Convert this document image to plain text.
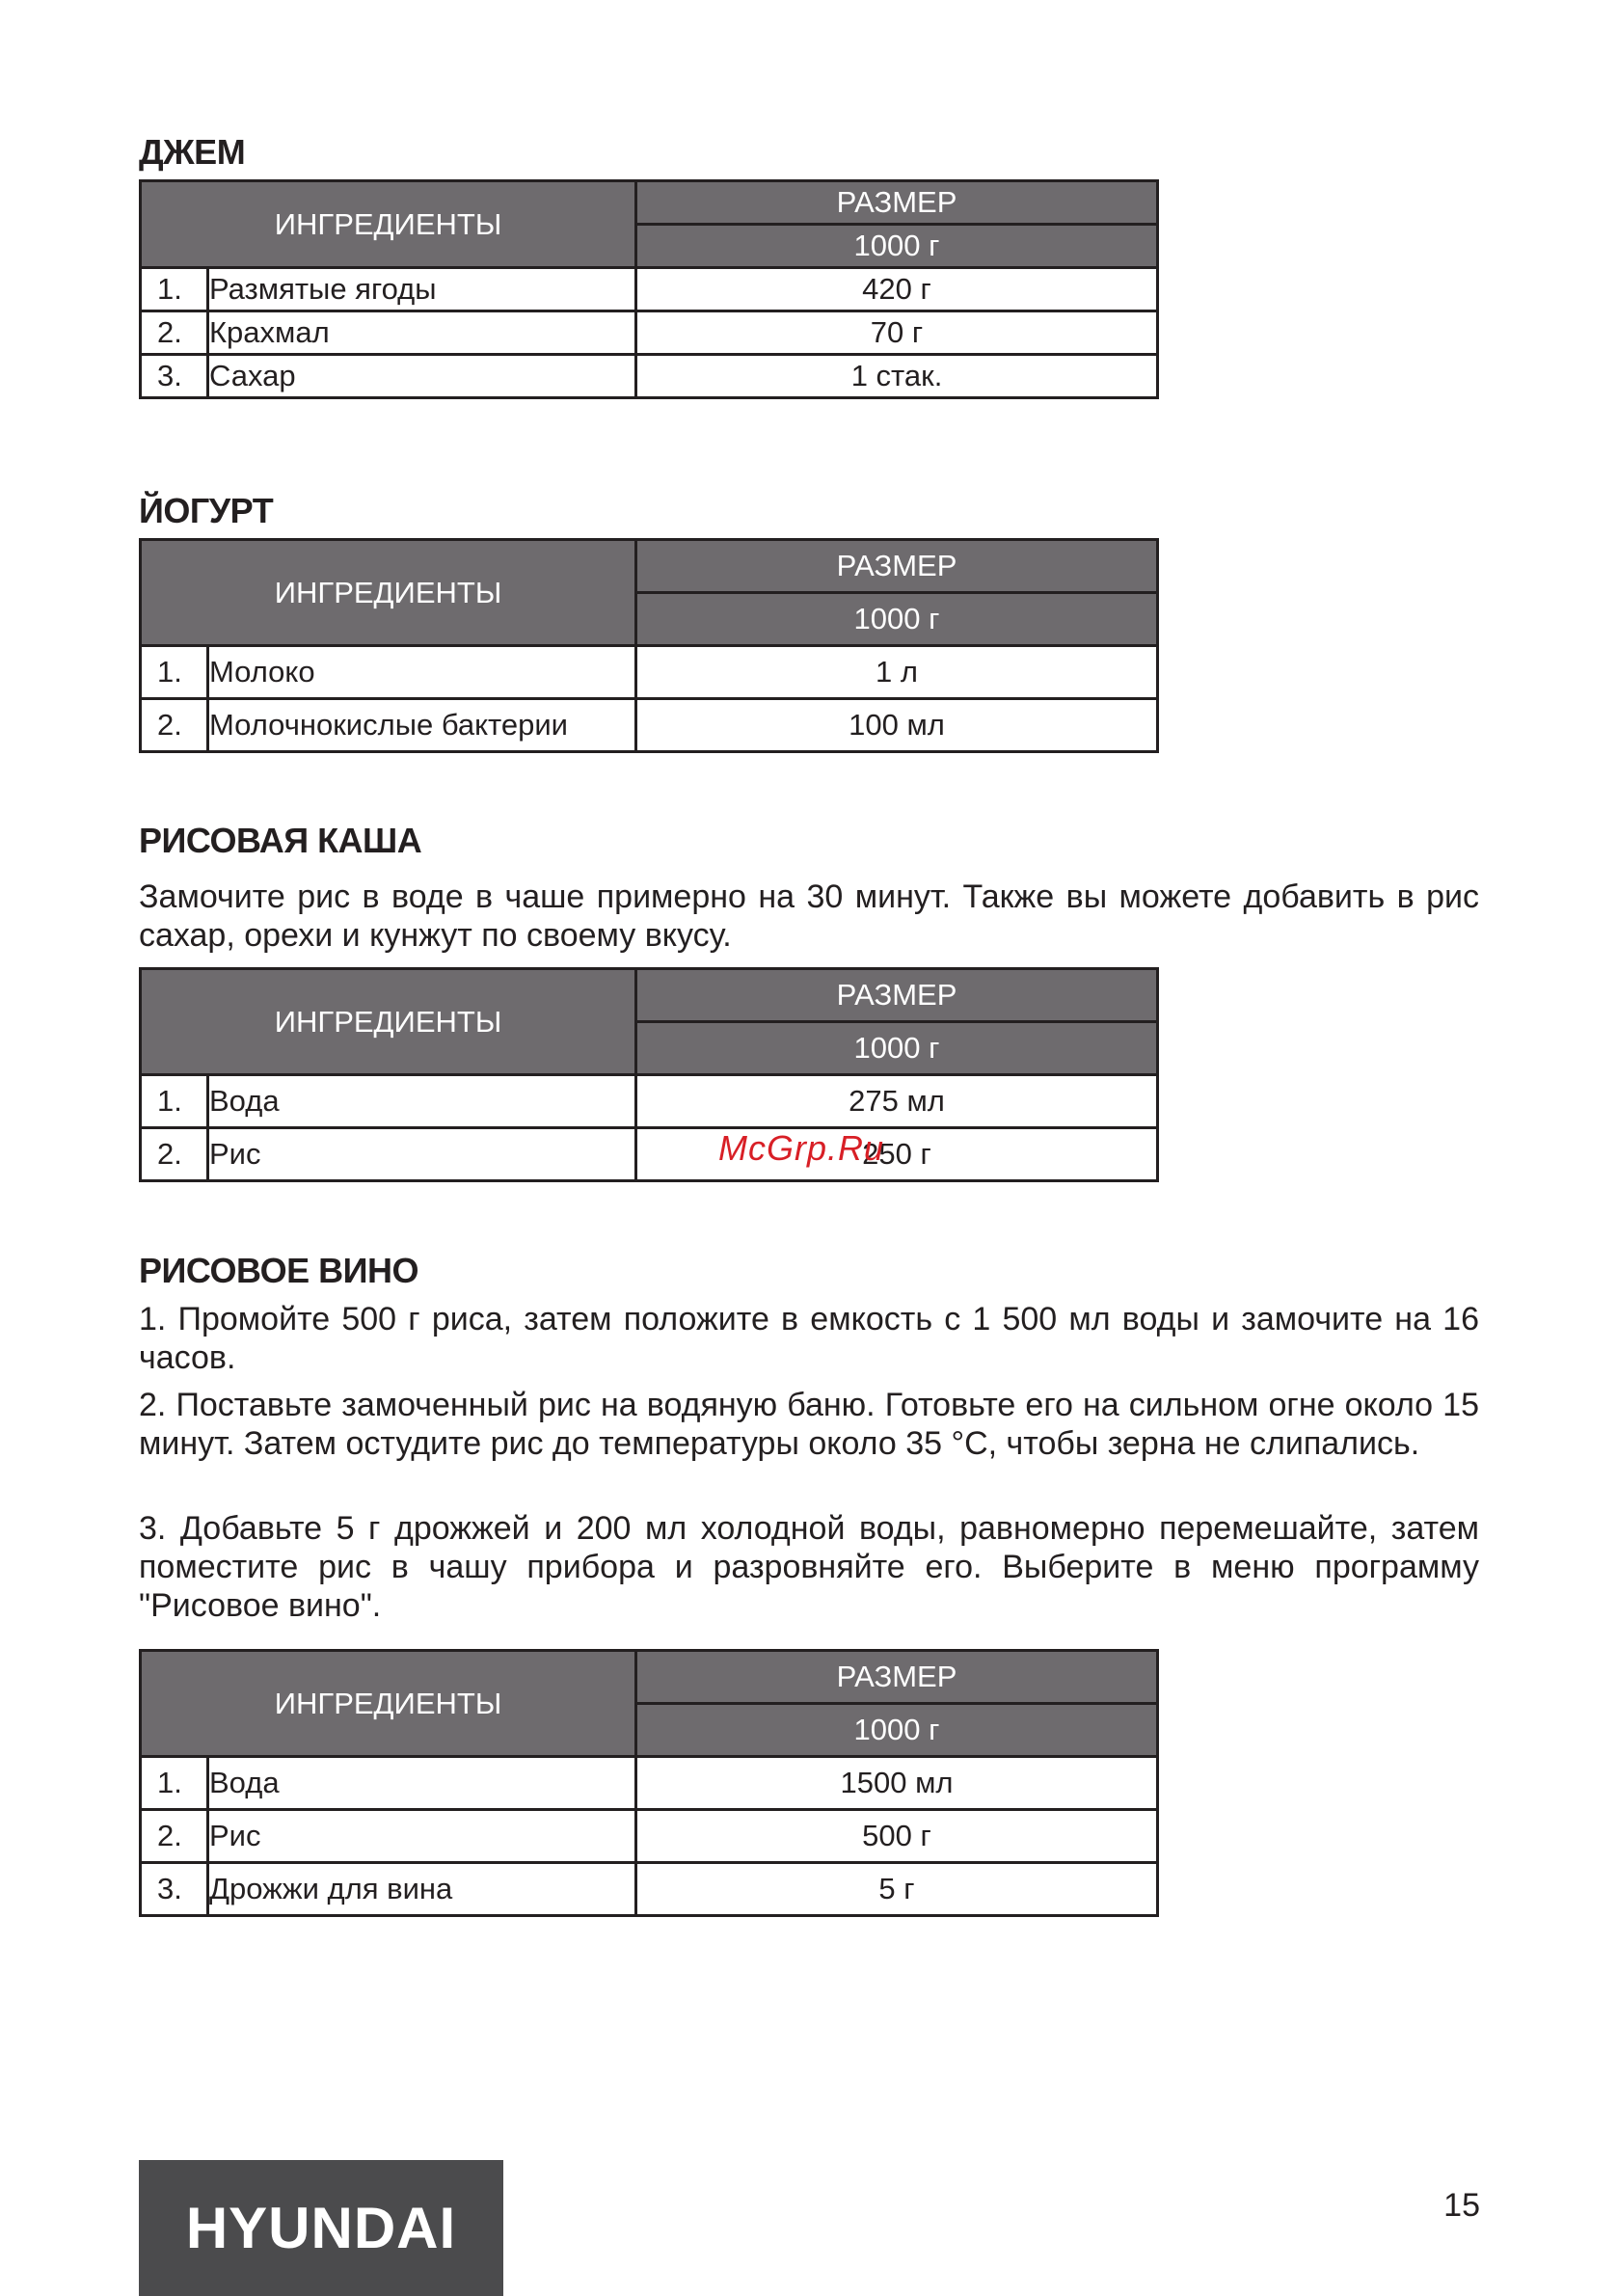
ДЖЕМ
ИНГРЕДИЕНТЫ		РАЗМЕР
		1000 г
1.	Размятые ягоды	420 г
2.	Крахмал	70 г
3.	Сахар	1 стак.
ЙОГУРТ
ИНГРЕДИЕНТЫ		РАЗМЕР
		1000 г
1.	Молоко	1 л
2.	Молочнокислые бактерии	100 мл
РИСОВАЯ КАША

Замочите рис в воде в чаше примерно на 30 минут. Также вы можете добавить в рис сахар, орехи и кунжут по своему вкусу.

ИНГРЕДИЕНТЫ		РАЗМЕР
		1000 г
1.	Вода	275 мл
2.	Рис	250 г
McGrp.Ru
РИСОВОЕ ВИНО

1. Промойте 500 г риса, затем положите в емкость с 1 500 мл воды и замочите на 16 часов.

2. Поставьте замоченный рис на водяную баню. Готовьте его на сильном огне около 15 минут. Затем остудите рис до температуры около 35 °C, чтобы зерна не слипались.

3. Добавьте 5 г дрожжей и 200 мл холодной воды, равномерно перемешайте, затем поместите рис в чашу прибора и разровняйте его. Выберите в меню программу "Рисовое вино".

ИНГРЕДИЕНТЫ		РАЗМЕР
		1000 г
1.	Вода	1500 мл
2.	Рис	500 г
3.	Дрожжи для вина	5 г
HYUNDAI	15
